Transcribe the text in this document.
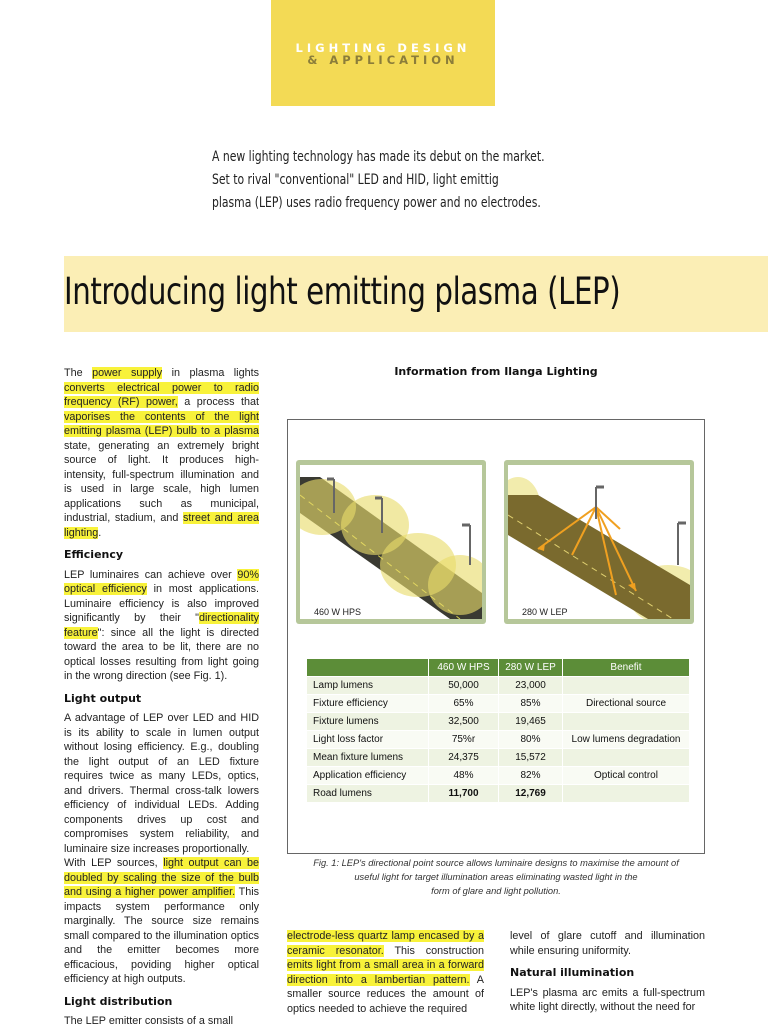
LIGHTING DESIGN
& APPLICATION

A new lighting technology has made its debut on the market.

Set to rival "conventional" LED and HID, light emittig

plasma (LEP) uses radio frequency power and no electrodes.

Introducing light emitting plasma (LEP)

The power supply in plasma lights converts electrical power to radio frequency (RF) power, a process that vaporises the contents of the light emitting plasma (LEP) bulb to a plasma state, generating an extremely bright source of light. It produces high-intensity, full-spectrum illumination and is used in large scale, high lumen applications such as municipal, industrial, stadium, and street and area lighting.

Efficiency

LEP luminaires can achieve over 90% optical efficiency in most applications. Luminaire efficiency is also improved significantly by their "directionality feature": since all the light is directed toward the area to be lit, there are no optical losses resulting from light going in the wrong direction (see Fig. 1).

Light output

A advantage of LEP over LED and HID is its ability to scale in lumen output without losing efficiency. E.g., doubling the light output of an LED fixture requires twice as many LEDs, optics, and drivers. Thermal cross-talk lowers efficiency of individual LEDs. Adding components drives up cost and compromises system reliability, and luminaire size increases proportionally.

With LEP sources, light output can be doubled by scaling the size of the bulb and using a higher power amplifier. This impacts system performance only marginally. The source size remains small compared to the illumination optics and the emitter becomes more efficacious, poviding higher optical efficiency at high outputs.

Light distribution

The LEP emitter consists of a small

Information from Ilanga Lighting
460 W HPS	280 W LEP
	460 W HPS	280 W LEP	Benefit
Lamp lumens	50,000	23,000	
Fixture efficiency	65%	85%	Directional source
Fixture lumens	32,500	19,465	
Light loss factor	75%r	80%	Low lumens degradation
Mean fixture lumens	24,375	15,572	
Application efficiency	48%	82%	Optical control
Road lumens	11,700	12,769	
Fig. 1: LEP's directional point source allows luminaire designs to maximise the amount of
useful light for target illumination areas eliminating wasted light in the
form of glare and light pollution.

electrode-less quartz lamp encased by a ceramic resonator. This construction emits light from a small area in a forward direction into a lambertian pattern. A smaller source reduces the amount of optics needed to achieve the required

level of glare cutoff and illumination while ensuring uniformity.

Natural illumination

LEP's plasma arc emits a full-spectrum white light directly, without the need for
